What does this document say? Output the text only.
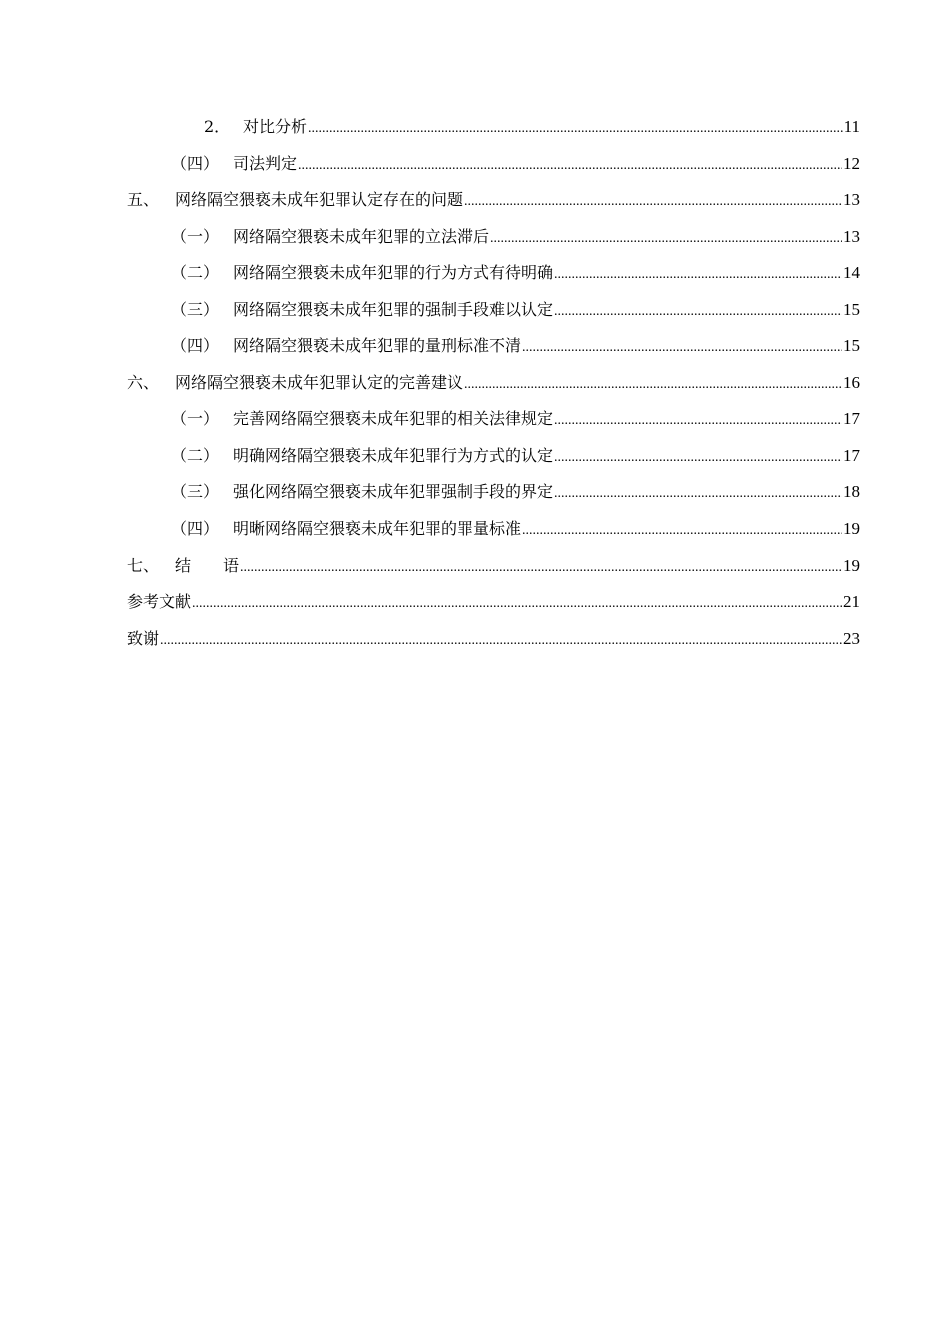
2． 对比分析 .....	11
（四） 司法判定 .....	12
五、 网络隔空猥亵未成年犯罪认定存在的问题 .....	13
（一） 网络隔空猥亵未成年犯罪的立法滞后 .....	13
（二） 网络隔空猥亵未成年犯罪的行为方式有待明确 .....	14
（三） 网络隔空猥亵未成年犯罪的强制手段难以认定 .....	15
（四） 网络隔空猥亵未成年犯罪的量刑标准不清 .....	15
六、 网络隔空猥亵未成年犯罪认定的完善建议 .....	16
（一） 完善网络隔空猥亵未成年犯罪的相关法律规定 .....	17
（二） 明确网络隔空猥亵未成年犯罪行为方式的认定 .....	17
（三） 强化网络隔空猥亵未成年犯罪强制手段的界定 .....	18
（四） 明晰网络隔空猥亵未成年犯罪的罪量标准 .....	19
七、 结　　语 .....	19
参考文献 .....	21
致谢 .....	23
